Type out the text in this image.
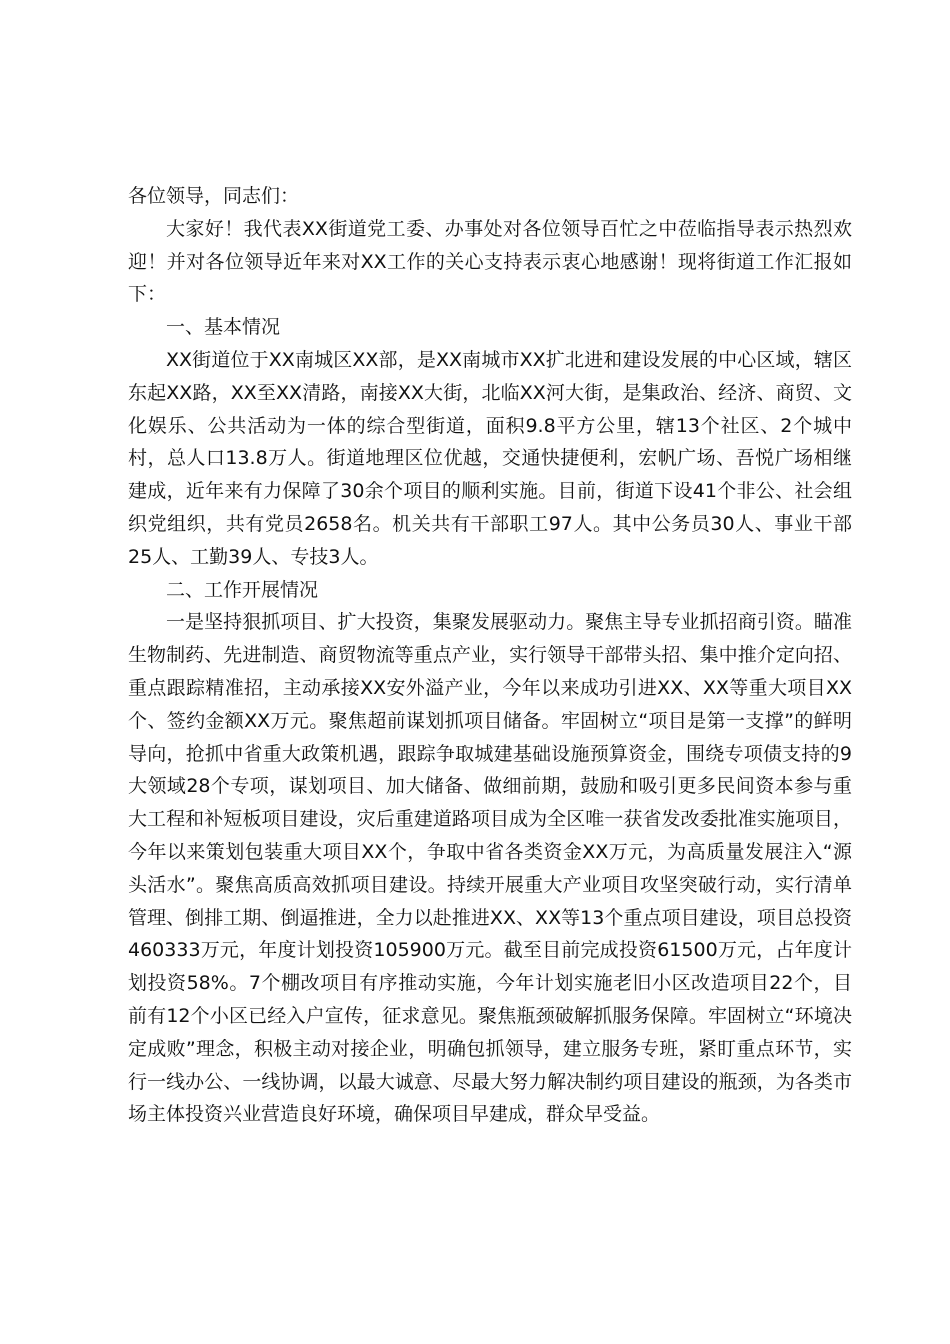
各位领导，同志们：

大家好！我代表XX街道党工委、办事处对各位领导百忙之中莅临指导表示热烈欢迎！并对各位领导近年来对XX工作的关心支持表示衷心地感谢！现将街道工作汇报如下：

一、基本情况

XX街道位于XX南城区XX部，是XX南城市XX扩北进和建设发展的中心区域，辖区东起XX路，XX至XX清路，南接XX大街，北临XX河大街，是集政治、经济、商贸、文化娱乐、公共活动为一体的综合型街道，面积9.8平方公里，辖13个社区、2个城中村，总人口13.8万人。街道地理区位优越，交通快捷便利，宏帆广场、吾悦广场相继建成，近年来有力保障了30余个项目的顺利实施。目前，街道下设41个非公、社会组织党组织，共有党员2658名。机关共有干部职工97人。其中公务员30人、事业干部25人、工勤39人、专技3人。

二、工作开展情况

一是坚持狠抓项目、扩大投资，集聚发展驱动力。聚焦主导专业抓招商引资。瞄准生物制药、先进制造、商贸物流等重点产业，实行领导干部带头招、集中推介定向招、重点跟踪精准招，主动承接XX安外溢产业，今年以来成功引进XX、XX等重大项目XX个、签约金额XX万元。聚焦超前谋划抓项目储备。牢固树立“项目是第一支撑”的鲜明导向，抢抓中省重大政策机遇，跟踪争取城建基础设施预算资金，围绕专项债支持的9大领域28个专项，谋划项目、加大储备、做细前期，鼓励和吸引更多民间资本参与重大工程和补短板项目建设，灾后重建道路项目成为全区唯一获省发改委批准实施项目，今年以来策划包装重大项目XX个，争取中省各类资金XX万元，为高质量发展注入“源头活水”。聚焦高质高效抓项目建设。持续开展重大产业项目攻坚突破行动，实行清单管理、倒排工期、倒逼推进，全力以赴推进XX、XX等13个重点项目建设，项目总投资460333万元，年度计划投资105900万元。截至目前完成投资61500万元，占年度计划投资58%。7个棚改项目有序推动实施，今年计划实施老旧小区改造项目22个，目前有12个小区已经入户宣传，征求意见。聚焦瓶颈破解抓服务保障。牢固树立“环境决定成败”理念，积极主动对接企业，明确包抓领导，建立服务专班，紧盯重点环节，实行一线办公、一线协调，以最大诚意、尽最大努力解决制约项目建设的瓶颈，为各类市场主体投资兴业营造良好环境，确保项目早建成，群众早受益。
